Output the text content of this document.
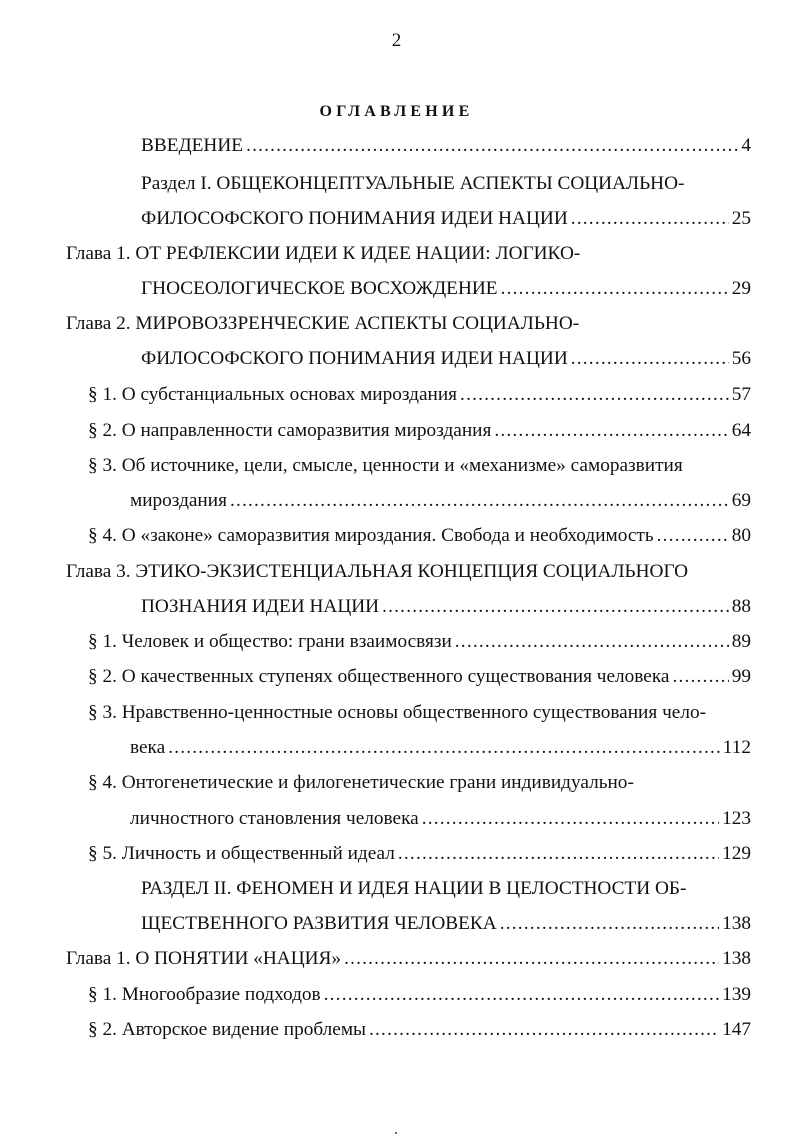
2
ОГЛАВЛЕНИЕ
ВВЕДЕНИЕ .....	4
Раздел I. ОБЩЕКОНЦЕПТУАЛЬНЫЕ АСПЕКТЫ СОЦИАЛЬНО-
ФИЛОСОФСКОГО ПОНИМАНИЯ ИДЕИ НАЦИИ .....	25
Глава 1. ОТ РЕФЛЕКСИИ ИДЕИ К ИДЕЕ НАЦИИ: ЛОГИКО-
ГНОСЕОЛОГИЧЕСКОЕ ВОСХОЖДЕНИЕ .....	29
Глава 2. МИРОВОЗЗРЕНЧЕСКИЕ АСПЕКТЫ СОЦИАЛЬНО-
ФИЛОСОФСКОГО ПОНИМАНИЯ ИДЕИ НАЦИИ .....	56
§ 1. О субстанциальных основах мироздания .....	57
§ 2. О направленности саморазвития мироздания .....	64
§ 3. Об источнике, цели, смысле, ценности и «механизме» саморазвития
мироздания .....	69
§ 4. О «законе» саморазвития мироздания. Свобода и необходимость .....	80
Глава 3. ЭТИКО-ЭКЗИСТЕНЦИАЛЬНАЯ КОНЦЕПЦИЯ СОЦИАЛЬНОГО
ПОЗНАНИЯ ИДЕИ НАЦИИ .....	88
§ 1. Человек и общество: грани взаимосвязи .....	89
§ 2. О качественных ступенях общественного существования человека .....	99
§ 3. Нравственно-ценностные основы общественного существования чело-
века .....	112
§ 4. Онтогенетические и филогенетические грани индивидуально-
личностного становления человека .....	123
§ 5. Личность и общественный идеал .....	129
РАЗДЕЛ II. ФЕНОМЕН И ИДЕЯ НАЦИИ В ЦЕЛОСТНОСТИ ОБ-
ЩЕСТВЕННОГО РАЗВИТИЯ ЧЕЛОВЕКА .....	138
Глава 1. О ПОНЯТИИ «НАЦИЯ» .....	138
§ 1. Многообразие подходов .....	139
§ 2. Авторское видение проблемы .....	147
